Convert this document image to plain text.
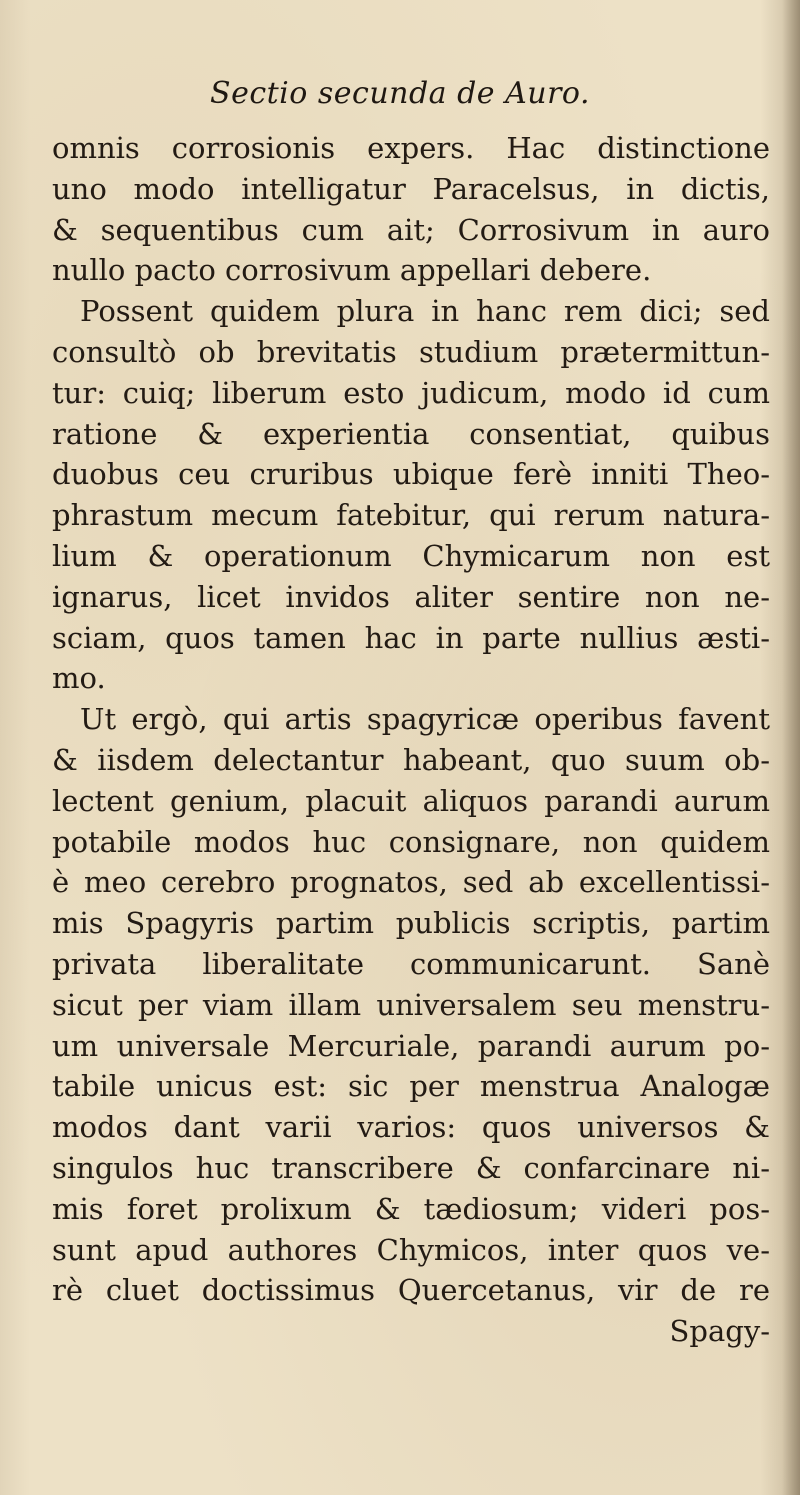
Sectio secunda de Auro.
omnis corrosionis expers. Hac distinctione
uno modo intelligatur Paracelsus, in dictis,
& sequentibus cum ait; Corrosivum in auro
nullo pacto corrosivum appellari debere.
Possent quidem plura in hanc rem dici; sed
consultò ob brevitatis studium prætermittun-
tur: cuiq; liberum esto judicum, modo id cum
ratione & experientia consentiat, quibus
duobus ceu cruribus ubique ferè inniti Theo-
phrastum mecum fatebitur, qui rerum natura-
lium & operationum Chymicarum non est
ignarus, licet invidos aliter sentire non ne-
sciam, quos tamen hac in parte nullius æsti-
mo.
Ut ergò, qui artis spagyricæ operibus favent
& iisdem delectantur habeant, quo suum ob-
lectent genium, placuit aliquos parandi aurum
potabile modos huc consignare, non quidem
è meo cerebro prognatos, sed ab excellentissi-
mis Spagyris partim publicis scriptis, partim
privata liberalitate communicarunt. Sanè
sicut per viam illam universalem seu menstru-
um universale Mercuriale, parandi aurum po-
tabile unicus est: sic per menstrua Analogæ
modos dant varii varios: quos universos &
singulos huc transcribere & confarcinare ni-
mis foret prolixum & tædiosum; videri pos-
sunt apud authores Chymicos, inter quos ve-
rè cluet doctissimus Quercetanus, vir de re
Spagy-
